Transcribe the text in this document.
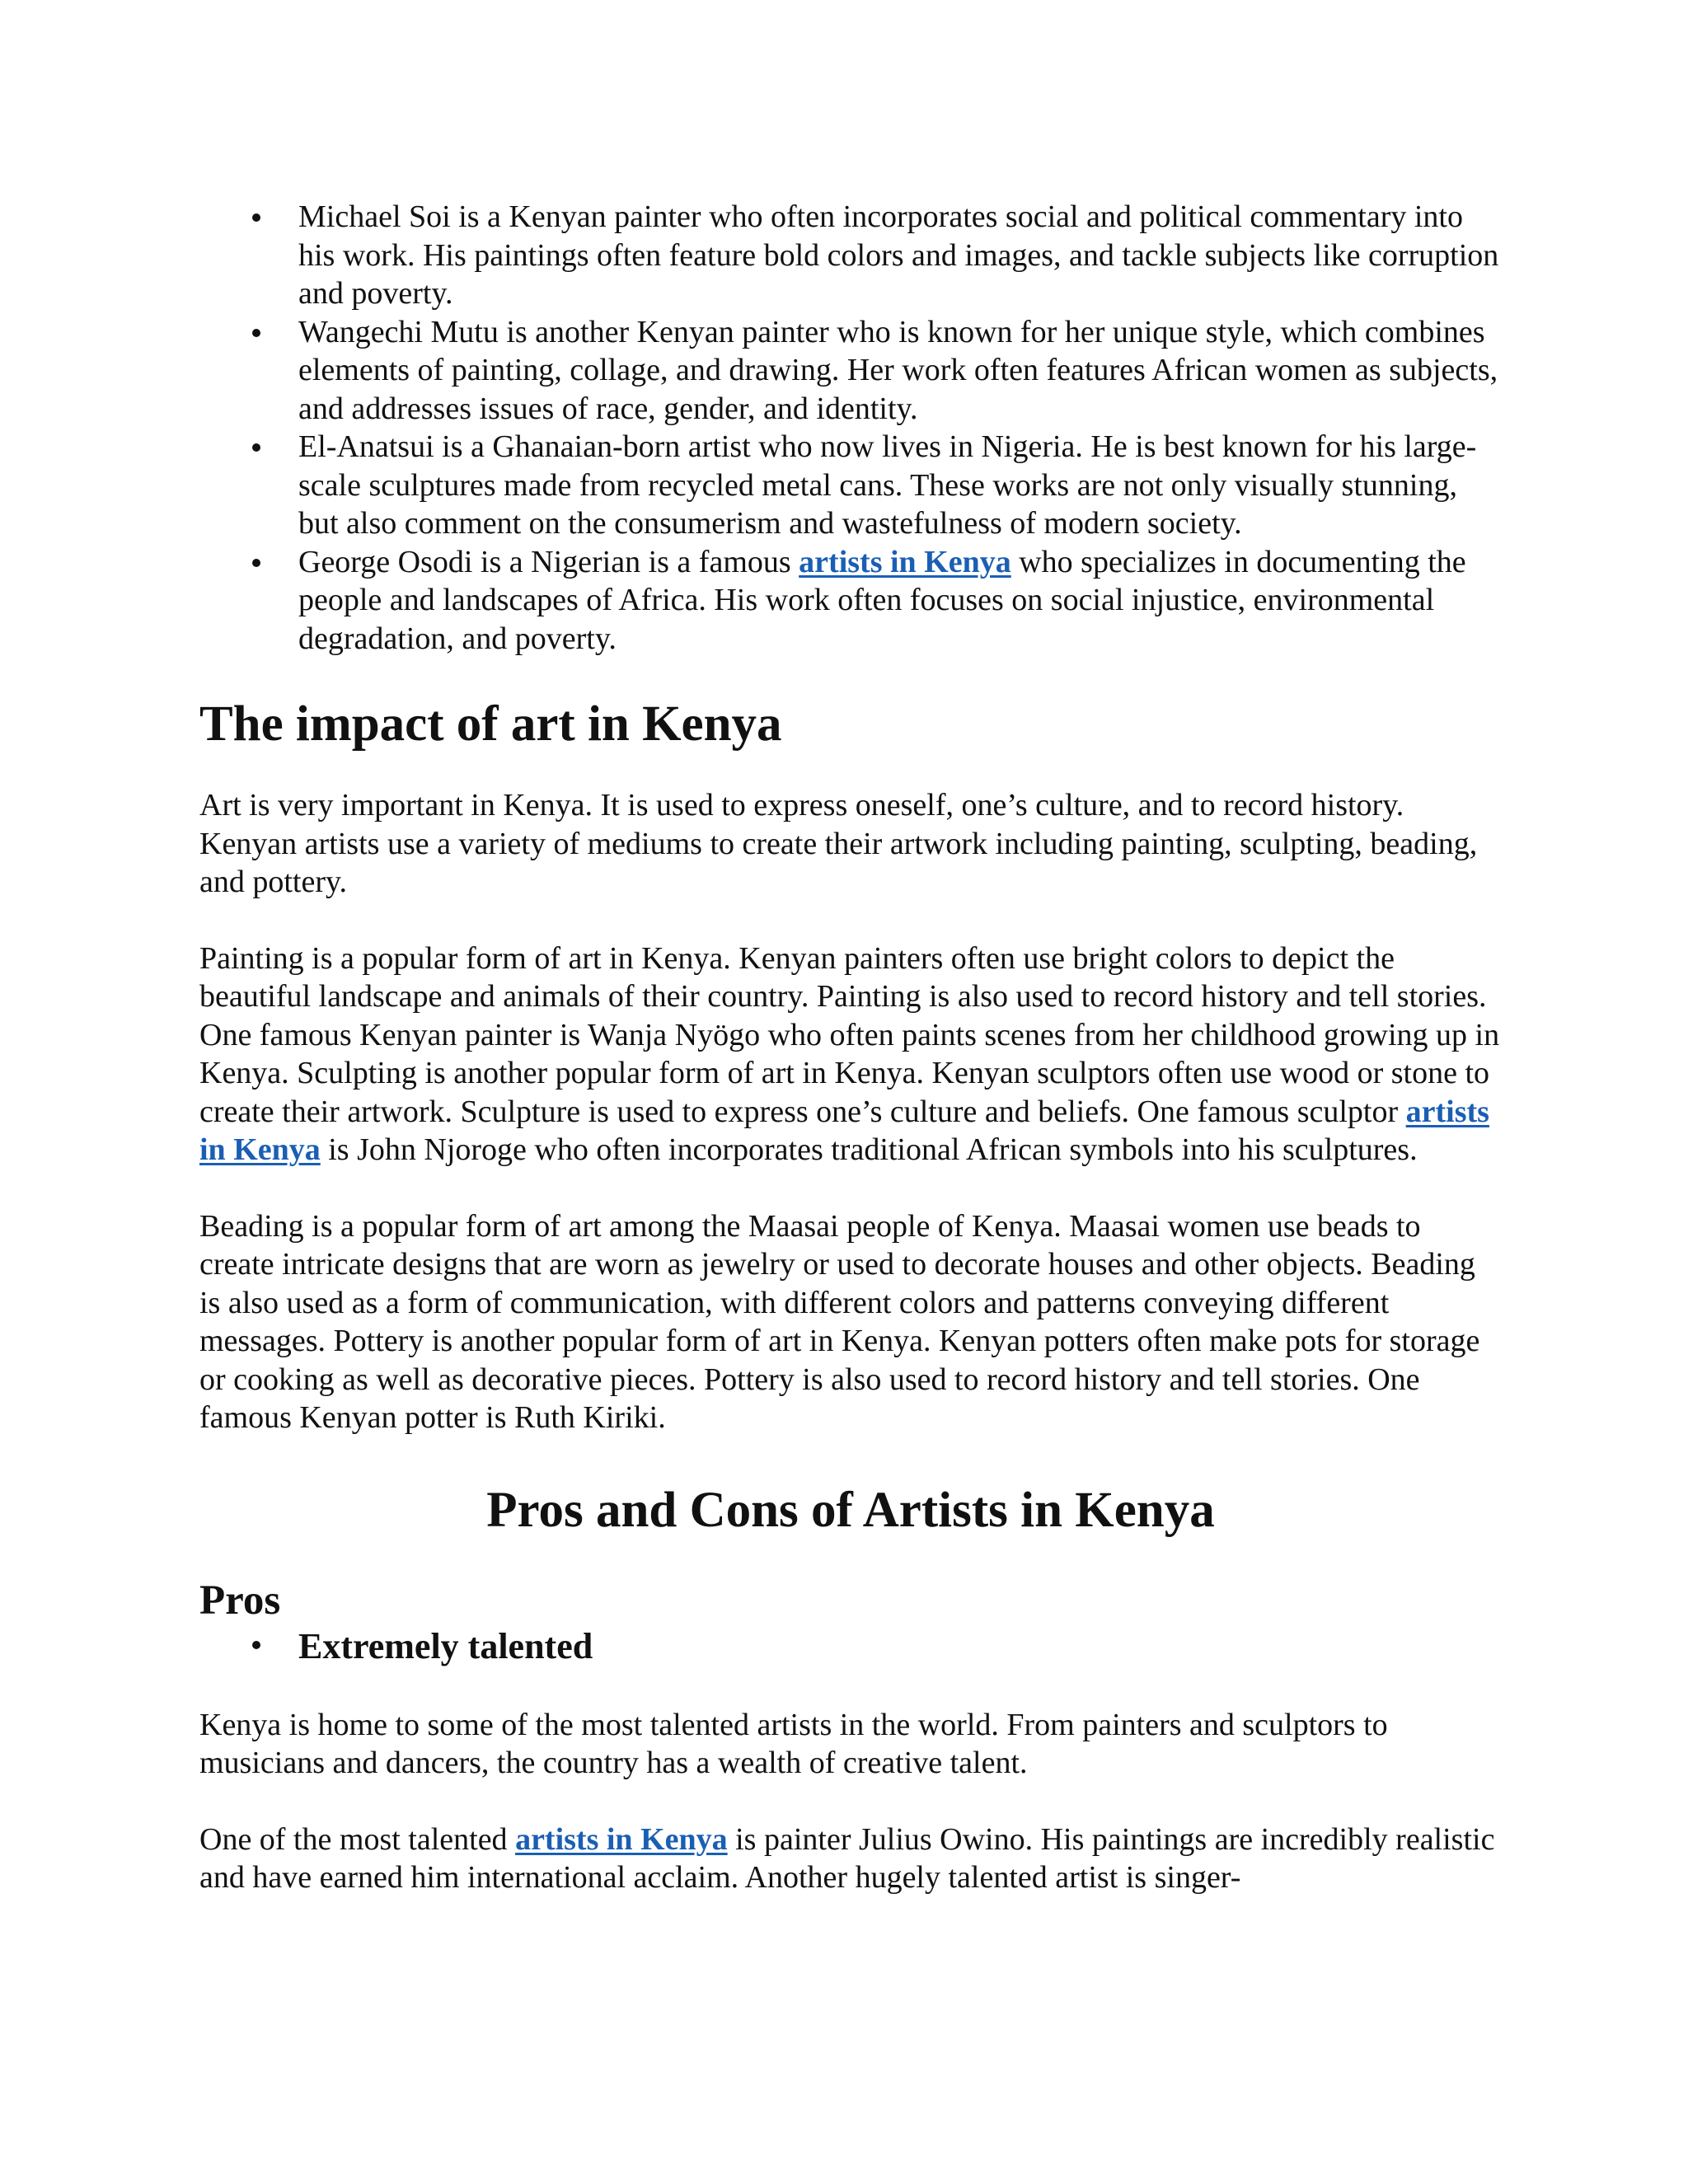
Michael Soi is a Kenyan painter who often incorporates social and political commentary into his work. His paintings often feature bold colors and images, and tackle subjects like corruption and poverty.
Wangechi Mutu is another Kenyan painter who is known for her unique style, which combines elements of painting, collage, and drawing. Her work often features African women as subjects, and addresses issues of race, gender, and identity.
El-Anatsui is a Ghanaian-born artist who now lives in Nigeria. He is best known for his large-scale sculptures made from recycled metal cans. These works are not only visually stunning, but also comment on the consumerism and wastefulness of modern society.
George Osodi is a Nigerian is a famous artists in Kenya who specializes in documenting the people and landscapes of Africa. His work often focuses on social injustice, environmental degradation, and poverty.
The impact of art in Kenya

Art is very important in Kenya. It is used to express oneself, one’s culture, and to record history. Kenyan artists use a variety of mediums to create their artwork including painting, sculpting, beading, and pottery.

Painting is a popular form of art in Kenya. Kenyan painters often use bright colors to depict the beautiful landscape and animals of their country. Painting is also used to record history and tell stories. One famous Kenyan painter is Wanja Nyögo who often paints scenes from her childhood growing up in Kenya. Sculpting is another popular form of art in Kenya. Kenyan sculptors often use wood or stone to create their artwork. Sculpture is used to express one’s culture and beliefs. One famous sculptor artists in Kenya is John Njoroge who often incorporates traditional African symbols into his sculptures.

Beading is a popular form of art among the Maasai people of Kenya. Maasai women use beads to create intricate designs that are worn as jewelry or used to decorate houses and other objects. Beading is also used as a form of communication, with different colors and patterns conveying different messages. Pottery is another popular form of art in Kenya. Kenyan potters often make pots for storage or cooking as well as decorative pieces. Pottery is also used to record history and tell stories. One famous Kenyan potter is Ruth Kiriki.

Pros and Cons of Artists in Kenya
Pros
Extremely talented

Kenya is home to some of the most talented artists in the world. From painters and sculptors to musicians and dancers, the country has a wealth of creative talent.

One of the most talented artists in Kenya is painter Julius Owino. His paintings are incredibly realistic and have earned him international acclaim. Another hugely talented artist is singer-
